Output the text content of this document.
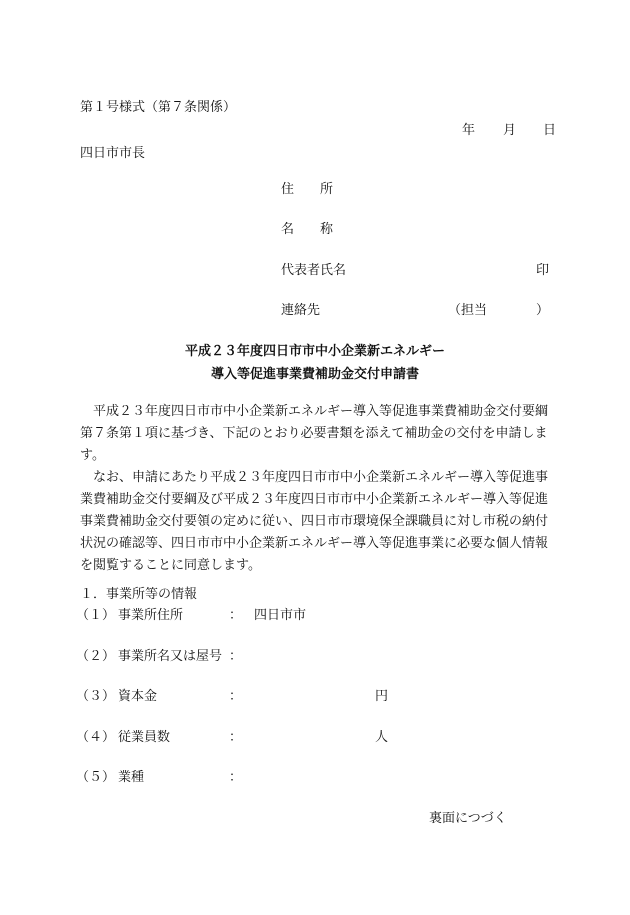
第１号様式（第７条関係）
年 月 日
四日市市長
住　　所
名　　称
代表者氏名	印
連絡先	（担当	）
平成２３年度四日市市中小企業新エネルギー
導入等促進事業費補助金交付申請書
平成２３年度四日市市中小企業新エネルギー導入等促進事業費補助金交付要綱第７条第１項に基づき、下記のとおり必要書類を添えて補助金の交付を申請します。
なお、申請にあたり平成２３年度四日市市中小企業新エネルギー導入等促進事業費補助金交付要綱及び平成２３年度四日市市中小企業新エネルギー導入等促進事業費補助金交付要領の定めに従い、四日市市環境保全課職員に対し市税の納付状況の確認等、四日市市中小企業新エネルギー導入等促進事業に必要な個人情報を閲覧することに同意します。
１．事業所等の情報
（１） 事業所住所	： 四日市市
（２） 事業所名又は屋号 ：
（３） 資本金	：	円
（４） 従業員数	：	人
（５） 業種	：
裏面につづく
